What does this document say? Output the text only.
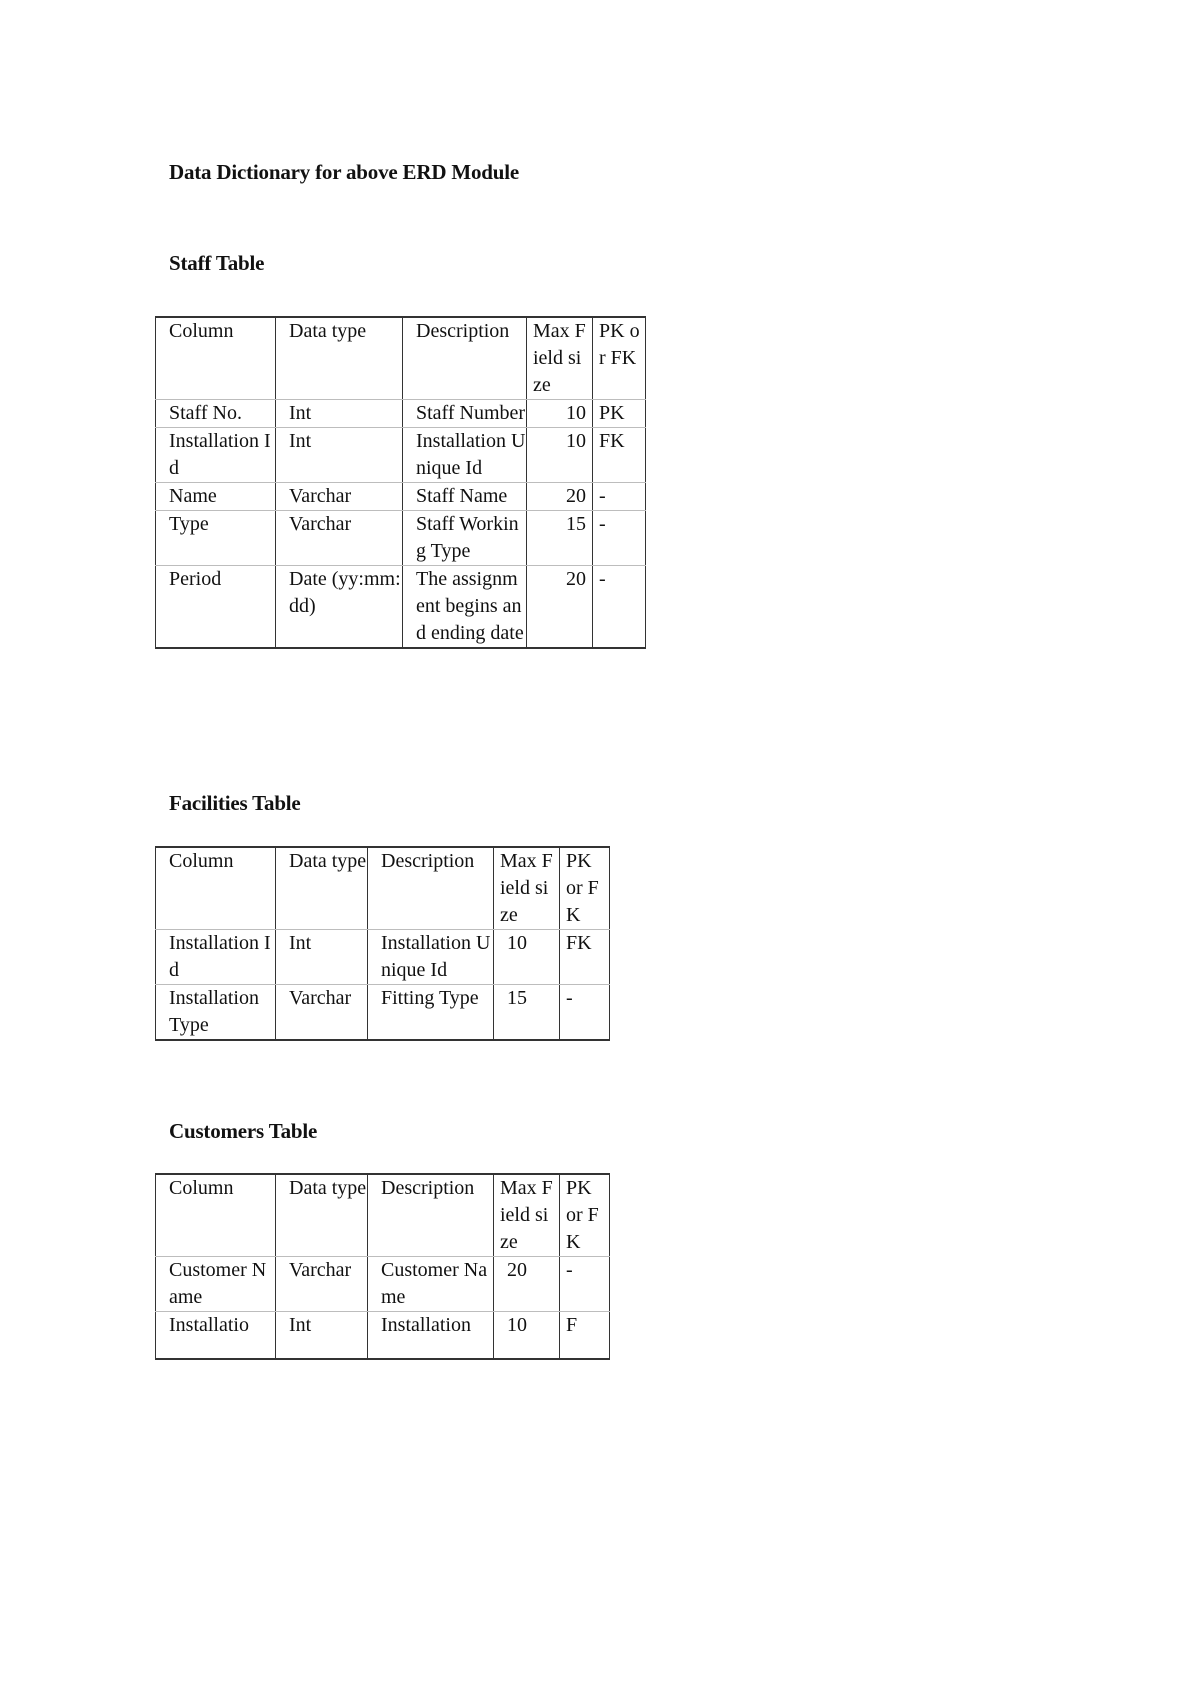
Data Dictionary for above ERD Module
Staff Table
Column	Data type	Description	Max Field size	PK or FK
Staff No.	Int	Staff Number	10	PK
Installation Id	Int	Installation Unique Id	10	FK
Name	Varchar	Staff Name	20	-
Type	Varchar	Staff Working Type	15	-
Period	Date (yy:mm:dd)	The assignment begins and ending date	20	-
Facilities Table
Column	Data type	Description	Max Field size	PK or FK
Installation Id	Int	Installation Unique Id	10	FK
Installation Type	Varchar	Fitting Type	15	-
Customers Table
Column	Data type	Description	Max Field size	PK or FK
Customer Name	Varchar	Customer Name	20	-
Installatio	Int	Installation	10	F
